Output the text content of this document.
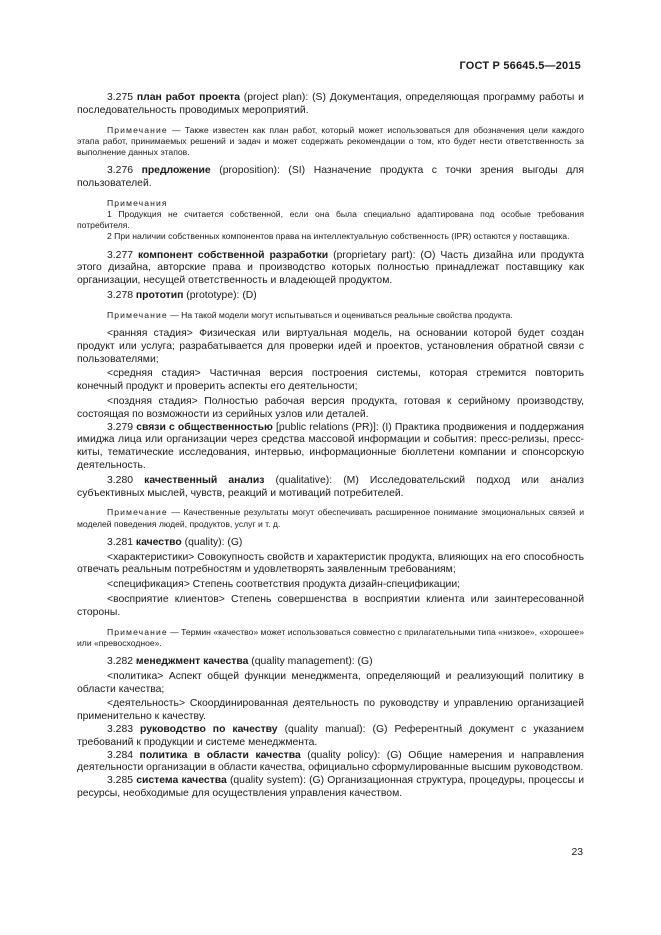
ГОСТ Р 56645.5—2015

3.275 план работ проекта (project plan): (S) Документация, определяющая программу работы и последовательность проводимых мероприятий.

Примечание — Также известен как план работ, который может использоваться для обозначения цели каждого этапа работ, принимаемых решений и задач и может содержать рекомендации о том, кто будет нести ответственность за выполнение данных этапов.

3.276 предложение (proposition): (SI) Назначение продукта с точки зрения выгоды для пользователей.

Примечания

1 Продукция не считается собственной, если она была специально адаптирована под особые требования потребителя.

2 При наличии собственных компонентов права на интеллектуальную собственность (IPR) остаются у поставщика.

3.277 компонент собственной разработки (proprietary part): (O) Часть дизайна или продукта этого дизайна, авторские права и производство которых полностью принадлежат поставщику как организации, несущей ответственность и владеющей продуктом.

3.278 прототип (prototype): (D)

Примечание — На такой модели могут испытываться и оцениваться реальные свойства продукта.

<ранняя стадия> Физическая или виртуальная модель, на основании которой будет создан продукт или услуга; разрабатывается для проверки идей и проектов, установления обратной связи с пользователями;

<средняя стадия> Частичная версия построения системы, которая стремится повторить конечный продукт и проверить аспекты его деятельности;

<поздняя стадия> Полностью рабочая версия продукта, готовая к серийному производству, состоящая по возможности из серийных узлов или деталей.

3.279 связи с общественностью [public relations (PR)]: (I) Практика продвижения и поддержания имиджа лица или организации через средства массовой информации и события: пресс-релизы, пресс-киты, тематические исследования, интервью, информационные бюллетени компании и спонсорскую деятельность.

3.280 качественный анализ (qualitative): (M) Исследовательский подход или анализ субъективных мыслей, чувств, реакций и мотиваций потребителей.

Примечание — Качественные результаты могут обеспечивать расширенное понимание эмоциональных связей и моделей поведения людей, продуктов, услуг и т. д.

3.281 качество (quality): (G)

<характеристики> Совокупность свойств и характеристик продукта, влияющих на его способность отвечать реальным потребностям и удовлетворять заявленным требованиям;

<спецификация> Степень соответствия продукта дизайн-спецификации;

<восприятие клиентов> Степень совершенства в восприятии клиента или заинтересованной стороны.

Примечание — Термин «качество» может использоваться совместно с прилагательными типа «низкое», «хорошее» или «превосходное».

3.282 менеджмент качества (quality management): (G)

<политика> Аспект общей функции менеджмента, определяющий и реализующий политику в области качества;

<деятельность> Скоординированная деятельность по руководству и управлению организацией применительно к качеству.

3.283 руководство по качеству (quality manual): (G) Референтный документ с указанием требований к продукции и системе менеджмента.

3.284 политика в области качества (quality policy): (G) Общие намерения и направления деятельности организации в области качества, официально сформулированные высшим руководством.

3.285 система качества (quality system): (G) Организационная структура, процедуры, процессы и ресурсы, необходимые для осуществления управления качеством.

23
